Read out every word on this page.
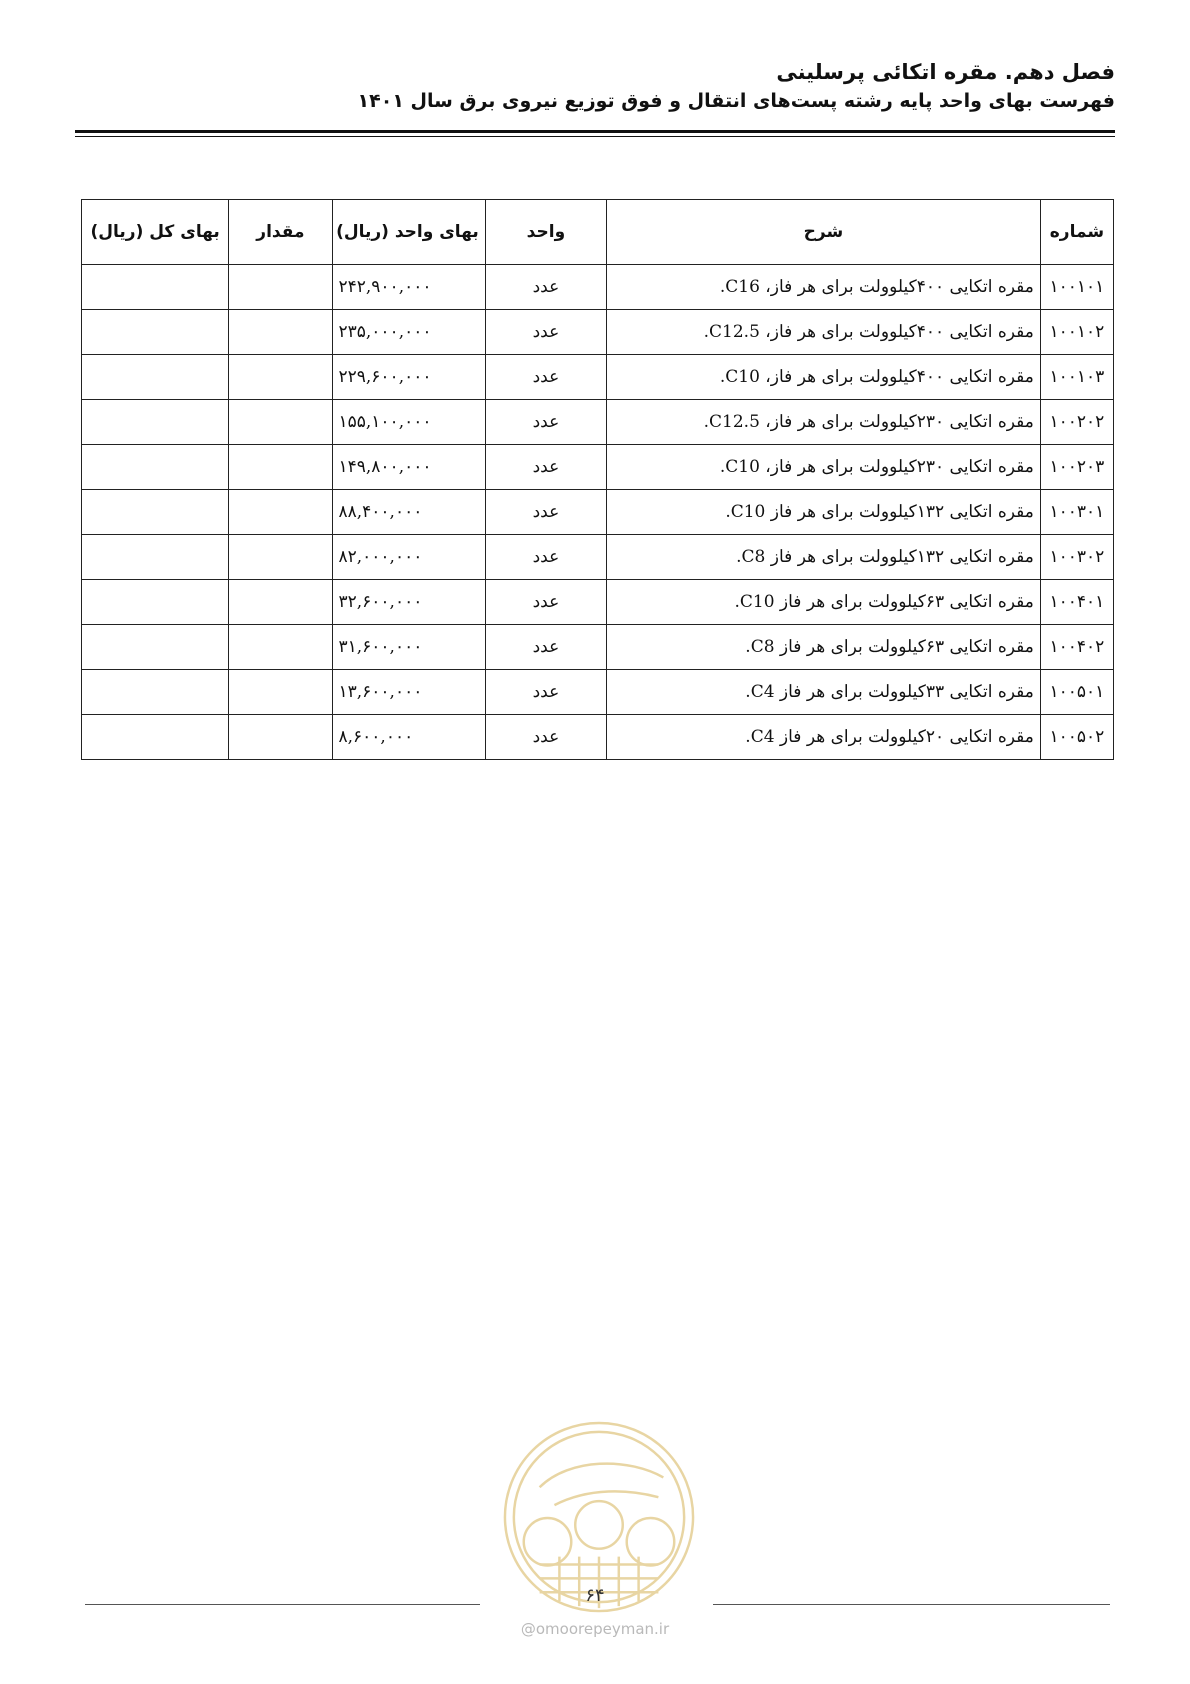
فصل دهم. مقره اتکائی پرسلینی
فهرست بهای واحد پایه رشته پست‌های انتقال و فوق توزیع نیروی برق سال ۱۴۰۱
شماره	شرح	واحد	بهای واحد (ریال)	مقدار	بهای کل (ریال)
۱۰۰۱۰۱	مقره اتکایی ۴۰۰کیلوولت برای هر فاز، C16.	عدد	۲۴۲,۹۰۰,۰۰۰		
۱۰۰۱۰۲	مقره اتکایی ۴۰۰کیلوولت برای هر فاز، C12.5.	عدد	۲۳۵,۰۰۰,۰۰۰		
۱۰۰۱۰۳	مقره اتکایی ۴۰۰کیلوولت برای هر فاز، C10.	عدد	۲۲۹,۶۰۰,۰۰۰		
۱۰۰۲۰۲	مقره اتکایی ۲۳۰کیلوولت برای هر فاز، C12.5.	عدد	۱۵۵,۱۰۰,۰۰۰		
۱۰۰۲۰۳	مقره اتکایی ۲۳۰کیلوولت برای هر فاز، C10.	عدد	۱۴۹,۸۰۰,۰۰۰		
۱۰۰۳۰۱	مقره اتکایی ۱۳۲کیلوولت برای هر فاز C10.	عدد	۸۸,۴۰۰,۰۰۰		
۱۰۰۳۰۲	مقره اتکایی ۱۳۲کیلوولت برای هر فاز C8.	عدد	۸۲,۰۰۰,۰۰۰		
۱۰۰۴۰۱	مقره اتکایی ۶۳کیلوولت برای هر فاز C10.	عدد	۳۲,۶۰۰,۰۰۰		
۱۰۰۴۰۲	مقره اتکایی ۶۳کیلوولت برای هر فاز C8.	عدد	۳۱,۶۰۰,۰۰۰		
۱۰۰۵۰۱	مقره اتکایی ۳۳کیلوولت برای هر فاز C4.	عدد	۱۳,۶۰۰,۰۰۰		
۱۰۰۵۰۲	مقره اتکایی ۲۰کیلوولت برای هر فاز C4.	عدد	۸,۶۰۰,۰۰۰		
۶۴
@omoorepeyman.ir
